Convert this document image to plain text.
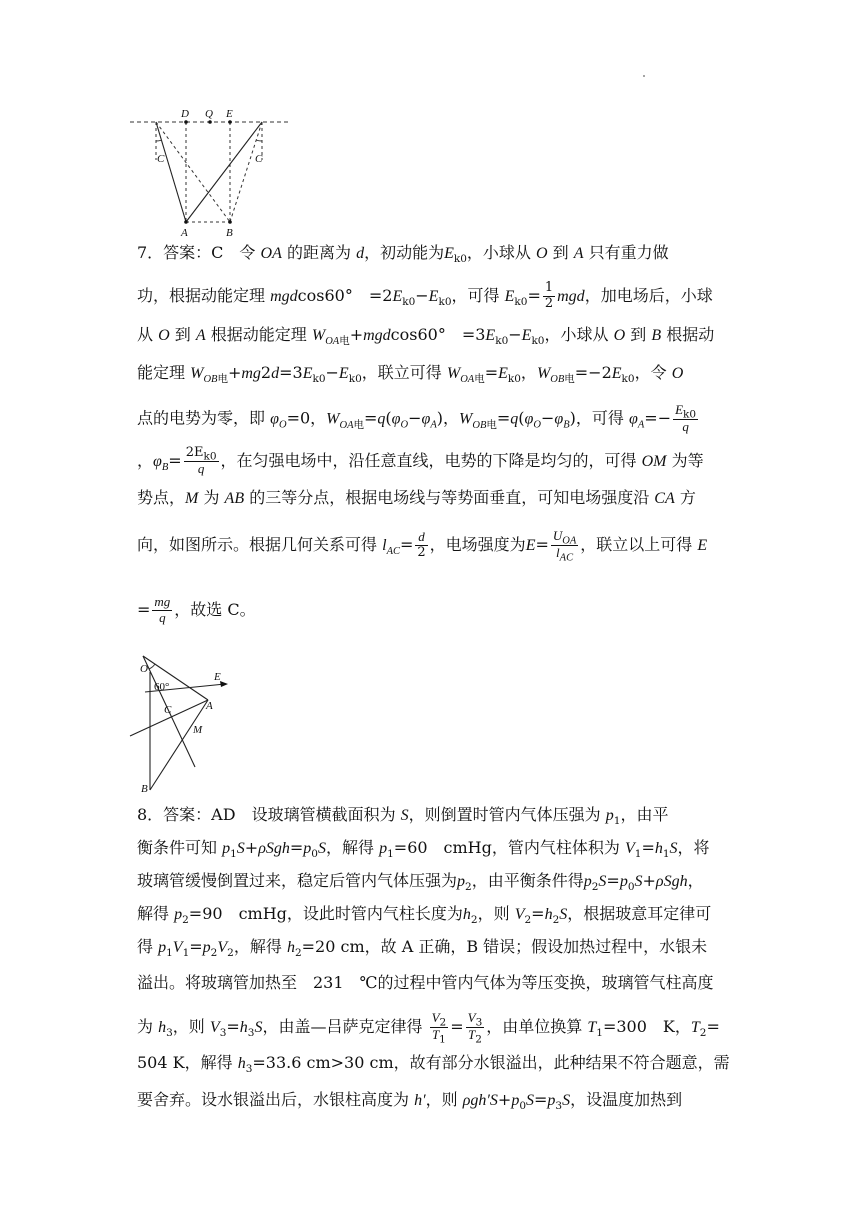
D Q E
C	C
A	B
7．答案：C　令 OA 的距离为 d，初动能为$E_{k0}$，小球从 O 到 A 只有重力做
功，根据动能定理 mgdcos60°　$=2E_{k0}-E_{k0}$，可得 $E_{k0}= \frac{1}{2}$ mgd，加电场后，小球
从 O 到 A 根据动能定理 $W_{OA电}+mgdcos60^\circ$　$=3E_{k0}-E_{k0}$，小球从 O 到 B 根据动
能定理 $W_{OB电}+mg2d=3E_{k0}-E_{k0}$，联立可得 $W_{OA电}=E_{k0}$，$W_{OB电}=-2E_{k0}$，令 O
点的电势为零，即 $\varphi_O=0$，$W_{OA电}=q(\varphi_O-\varphi_A)$，$W_{OB电}=q(\varphi_O-\varphi_B)$，可得 $\varphi_A=- \frac{E_{k0}}{q}$
，$\varphi_B= \frac{2E_{k0}}{q}$ ，在匀强电场中，沿任意直线，电势的下降是均匀的，可得 OM 为等
势点，M 为 AB 的三等分点，根据电场线与等势面垂直，可知电场强度沿 CA 方
向，如图所示。根据几何关系可得 $l_{AC}= \frac{d}{2}$ ，电场强度为$E= \frac{U_{OA}}{l_{AC}}$ ，联立以上可得 E
= $\frac{mg}{q}$ ，故选 C。
O
60°
E
A
C
M
B
8．答案：AD　设玻璃管横截面积为 S，则倒置时管内气体压强为 $p_1$，由平
衡条件可知 $p_1S+\rho Sgh=p_0S$，解得 $p_1=60$　cmHg，管内气柱体积为 $V_1=h_1S$，将
玻璃管缓慢倒置过来，稳定后管内气体压强为$p_2$，由平衡条件得$p_2S=p_0S+\rho Sgh$，
解得 $p_2=90$　cmHg，设此时管内气柱长度为$h_2$，则 $V_2=h_2S$，根据玻意耳定律可
得 $p_1V_1=p_2V_2$，解得 $h_2=20$ cm，故 A 正确，B 错误；假设加热过程中，水银未
溢出。将玻璃管加热至　231　℃的过程中管内气体为等压变换，玻璃管气柱高度
为 $h_3$，则 $V_3=h_3S$，由盖—吕萨克定律得 $\frac{V_2}{T_1} = \frac{V_3}{T_2}$ ，由单位换算 $T_1=300$　K，$T_2=$
504 K，解得 $h_3=33.6$ cm>30 cm，故有部分水银溢出，此种结果不符合题意，需
要舍弃。设水银溢出后，水银柱高度为 h′，则 $\rho gh'S+p_0S=p_3S$，设温度加热到
